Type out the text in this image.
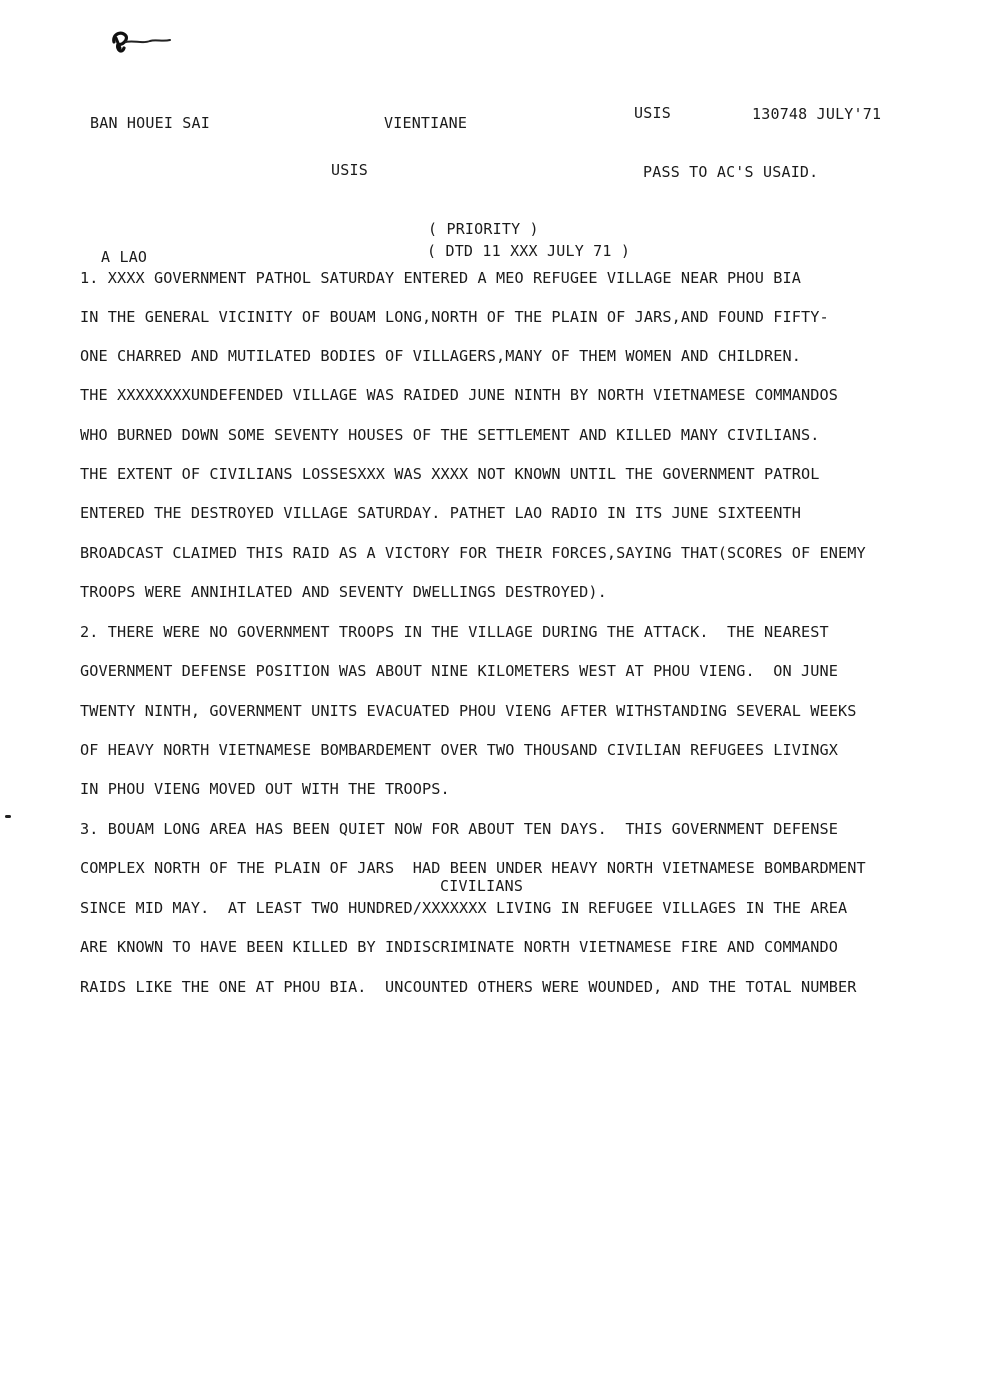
BAN HOUEI SAI	VIENTIANE
USIS	130748 JULY'71
USIS	PASS TO AC'S USAID.
( PRIORITY )
( DTD 11 XXX JULY 71 )
A LAO
CIVILIANS
1. XXXX GOVERNMENT PATHOL SATURDAY ENTERED A MEO REFUGEE VILLAGE NEAR PHOU BIA
IN THE GENERAL VICINITY OF BOUAM LONG,NORTH OF THE PLAIN OF JARS,AND FOUND FIFTY-
ONE CHARRED AND MUTILATED BODIES OF VILLAGERS,MANY OF THEM WOMEN AND CHILDREN.
THE XXXXXXXXUNDEFENDED VILLAGE WAS RAIDED JUNE NINTH BY NORTH VIETNAMESE COMMANDOS
WHO BURNED DOWN SOME SEVENTY HOUSES OF THE SETTLEMENT AND KILLED MANY CIVILIANS.
THE EXTENT OF CIVILIANS LOSSESXXX WAS XXXX NOT KNOWN UNTIL THE GOVERNMENT PATROL
ENTERED THE DESTROYED VILLAGE SATURDAY. PATHET LAO RADIO IN ITS JUNE SIXTEENTH
BROADCAST CLAIMED THIS RAID AS A VICTORY FOR THEIR FORCES,SAYING THAT(SCORES OF ENEMY
TROOPS WERE ANNIHILATED AND SEVENTY DWELLINGS DESTROYED).
2. THERE WERE NO GOVERNMENT TROOPS IN THE VILLAGE DURING THE ATTACK.  THE NEAREST
GOVERNMENT DEFENSE POSITION WAS ABOUT NINE KILOMETERS WEST AT PHOU VIENG.  ON JUNE
TWENTY NINTH, GOVERNMENT UNITS EVACUATED PHOU VIENG AFTER WITHSTANDING SEVERAL WEEKS
OF HEAVY NORTH VIETNAMESE BOMBARDEMENT OVER TWO THOUSAND CIVILIAN REFUGEES LIVINGX
IN PHOU VIENG MOVED OUT WITH THE TROOPS.
3. BOUAM LONG AREA HAS BEEN QUIET NOW FOR ABOUT TEN DAYS.  THIS GOVERNMENT DEFENSE
COMPLEX NORTH OF THE PLAIN OF JARS  HAD BEEN UNDER HEAVY NORTH VIETNAMESE BOMBARDMENT
SINCE MID MAY.  AT LEAST TWO HUNDRED/XXXXXXX LIVING IN REFUGEE VILLAGES IN THE AREA
ARE KNOWN TO HAVE BEEN KILLED BY INDISCRIMINATE NORTH VIETNAMESE FIRE AND COMMANDO
RAIDS LIKE THE ONE AT PHOU BIA.  UNCOUNTED OTHERS WERE WOUNDED, AND THE TOTAL NUMBER
